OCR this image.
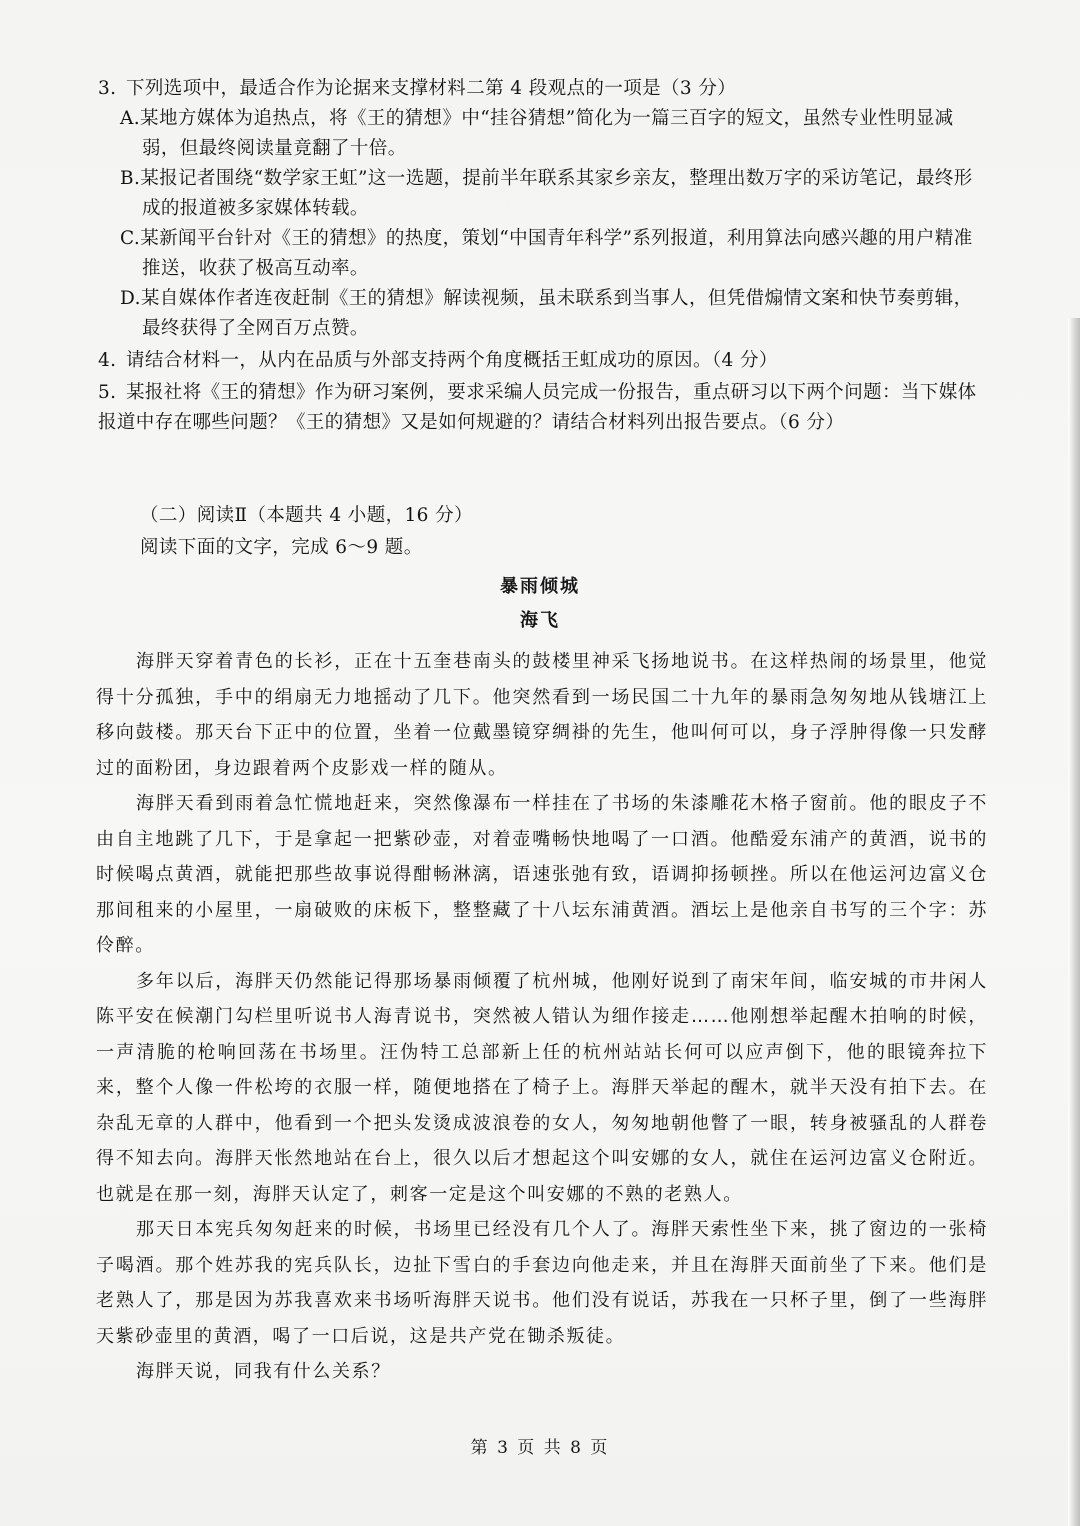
3. 下列选项中，最适合作为论据来支撑材料二第 4 段观点的一项是（3 分）

A.某地方媒体为追热点，将《王的猜想》中“挂谷猜想”简化为一篇三百字的短文，虽然专业性明显减弱，但最终阅读量竟翻了十倍。

B.某报记者围绕“数学家王虹”这一选题，提前半年联系其家乡亲友，整理出数万字的采访笔记，最终形成的报道被多家媒体转载。

C.某新闻平台针对《王的猜想》的热度，策划“中国青年科学”系列报道，利用算法向感兴趣的用户精准推送，收获了极高互动率。

D.某自媒体作者连夜赶制《王的猜想》解读视频，虽未联系到当事人，但凭借煽情文案和快节奏剪辑，最终获得了全网百万点赞。

4. 请结合材料一，从内在品质与外部支持两个角度概括王虹成功的原因。（4 分）

5. 某报社将《王的猜想》作为研习案例，要求采编人员完成一份报告，重点研习以下两个问题：当下媒体报道中存在哪些问题？《王的猜想》又是如何规避的？请结合材料列出报告要点。（6 分）

（二）阅读Ⅱ（本题共 4 小题，16 分）

阅读下面的文字，完成 6～9 题。

暴雨倾城
海飞

海胖天穿着青色的长衫，正在十五奎巷南头的鼓楼里神采飞扬地说书。在这样热闹的场景里，他觉得十分孤独，手中的绢扇无力地摇动了几下。他突然看到一场民国二十九年的暴雨急匆匆地从钱塘江上移向鼓楼。那天台下正中的位置，坐着一位戴墨镜穿绸褂的先生，他叫何可以，身子浮肿得像一只发酵过的面粉团，身边跟着两个皮影戏一样的随从。

海胖天看到雨着急忙慌地赶来，突然像瀑布一样挂在了书场的朱漆雕花木格子窗前。他的眼皮子不由自主地跳了几下，于是拿起一把紫砂壶，对着壶嘴畅快地喝了一口酒。他酷爱东浦产的黄酒，说书的时候喝点黄酒，就能把那些故事说得酣畅淋漓，语速张弛有致，语调抑扬顿挫。所以在他运河边富义仓那间租来的小屋里，一扇破败的床板下，整整藏了十八坛东浦黄酒。酒坛上是他亲自书写的三个字：苏伶醉。

多年以后，海胖天仍然能记得那场暴雨倾覆了杭州城，他刚好说到了南宋年间，临安城的市井闲人陈平安在候潮门勾栏里听说书人海青说书，突然被人错认为细作接走……他刚想举起醒木拍响的时候，一声清脆的枪响回荡在书场里。汪伪特工总部新上任的杭州站站长何可以应声倒下，他的眼镜奔拉下来，整个人像一件松垮的衣服一样，随便地搭在了椅子上。海胖天举起的醒木，就半天没有拍下去。在杂乱无章的人群中，他看到一个把头发烫成波浪卷的女人，匆匆地朝他瞥了一眼，转身被骚乱的人群卷得不知去向。海胖天怅然地站在台上，很久以后才想起这个叫安娜的女人，就住在运河边富义仓附近。也就是在那一刻，海胖天认定了，刺客一定是这个叫安娜的不熟的老熟人。

那天日本宪兵匆匆赶来的时候，书场里已经没有几个人了。海胖天索性坐下来，挑了窗边的一张椅子喝酒。那个姓苏我的宪兵队长，边扯下雪白的手套边向他走来，并且在海胖天面前坐了下来。他们是老熟人了，那是因为苏我喜欢来书场听海胖天说书。他们没有说话，苏我在一只杯子里，倒了一些海胖天紫砂壶里的黄酒，喝了一口后说，这是共产党在锄杀叛徒。

海胖天说，同我有什么关系？

第 3 页 共 8 页
